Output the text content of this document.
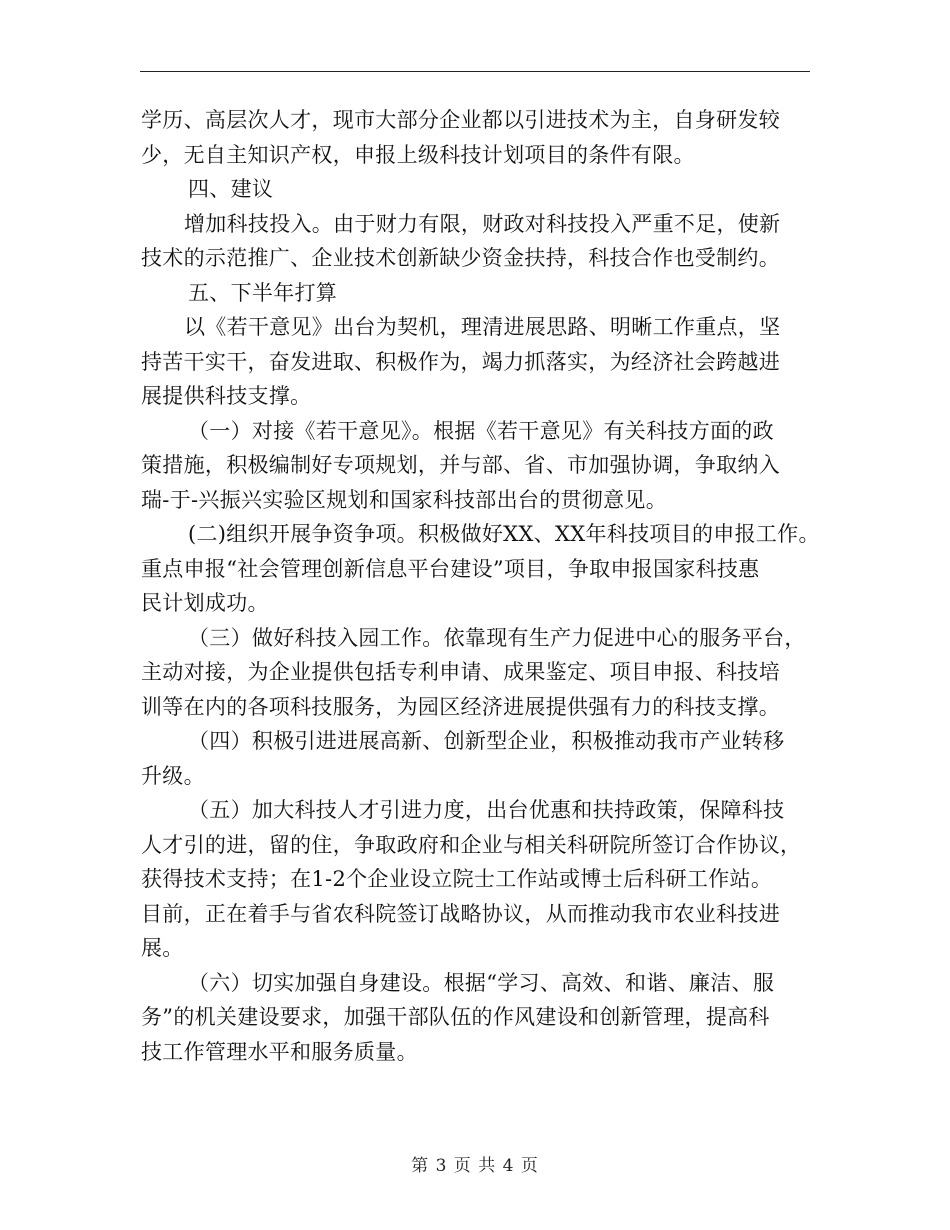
学历、高层次人才，现市大部分企业都以引进技术为主，自身研发较
少，无自主知识产权，申报上级科技计划项目的条件有限。
四、建议
增加科技投入。由于财力有限，财政对科技投入严重不足，使新
技术的示范推广、企业技术创新缺少资金扶持，科技合作也受制约。
五、下半年打算
以《若干意见》出台为契机，理清进展思路、明晰工作重点，坚
持苦干实干，奋发进取、积极作为，竭力抓落实，为经济社会跨越进
展提供科技支撑。
（一）对接《若干意见》。根据《若干意见》有关科技方面的政
策措施，积极编制好专项规划，并与部、省、市加强协调，争取纳入
瑞-于-兴振兴实验区规划和国家科技部出台的贯彻意见。
(二)组织开展争资争项。积极做好XX、XX年科技项目的申报工作。
重点申报“社会管理创新信息平台建设”项目，争取申报国家科技惠
民计划成功。
（三）做好科技入园工作。依靠现有生产力促进中心的服务平台，
主动对接，为企业提供包括专利申请、成果鉴定、项目申报、科技培
训等在内的各项科技服务，为园区经济进展提供强有力的科技支撑。
（四）积极引进进展高新、创新型企业，积极推动我市产业转移
升级。
（五）加大科技人才引进力度，出台优惠和扶持政策，保障科技
人才引的进，留的住，争取政府和企业与相关科研院所签订合作协议，
获得技术支持；在1-2个企业设立院士工作站或博士后科研工作站。
目前，正在着手与省农科院签订战略协议，从而推动我市农业科技进
展。
（六）切实加强自身建设。根据“学习、高效、和谐、廉洁、服
务”的机关建设要求，加强干部队伍的作风建设和创新管理，提高科
技工作管理水平和服务质量。
第 3 页 共 4 页
